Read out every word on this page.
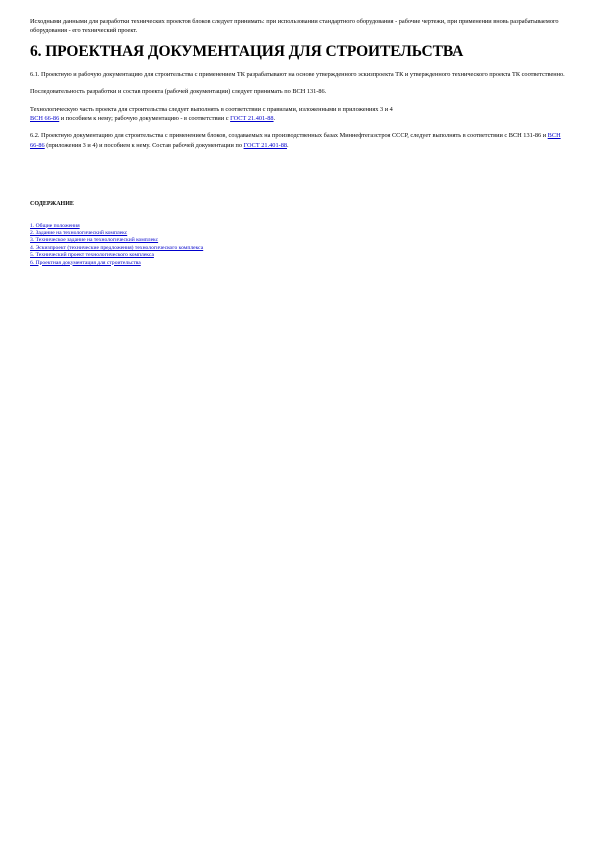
Исходными данными для разработки технических проектов блоков следует принимать: при использовании стандартного оборудования - рабочие чертежи, при применении вновь разрабатываемого оборудования - его технический проект.

6. ПРОЕКТНАЯ ДОКУМЕНТАЦИЯ ДЛЯ СТРОИТЕЛЬСТВА

6.1. Проектную и рабочую документацию для строительства с применением ТК разрабатывают на основе утвержденного эскизпроекта ТК и утвержденного технического проекта ТК соответственно.

Последовательность разработки и состав проекта (рабочей документации) следует принимать по ВСН 131-86.

Технологическую часть проекта для строительства следует выполнять в соответствии с правилами, изложенными в приложениях 3 и 4
ВСН 66-86 и пособием к нему; рабочую документацию - в соответствии с ГОСТ 21.401-88.

6.2. Проектную документацию для строительства с применением блоков, создаваемых на производственных базах Миннефтегазстроя СССР, следует выполнять в соответствии с ВСН 131-86 и ВСН 66-86 (приложения 3 и 4) и пособием к нему. Состав рабочей документации по ГОСТ 21.401-88.

СОДЕРЖАНИЕ

1. Общие положения
2. Задание на технологический комплекс
3. Техническое задание на технологический комплекс
4. Эскизпроект (технические предложения) технологического комплекса
5. Технический проект технологического комплекса
6. Проектная документация для строительства
